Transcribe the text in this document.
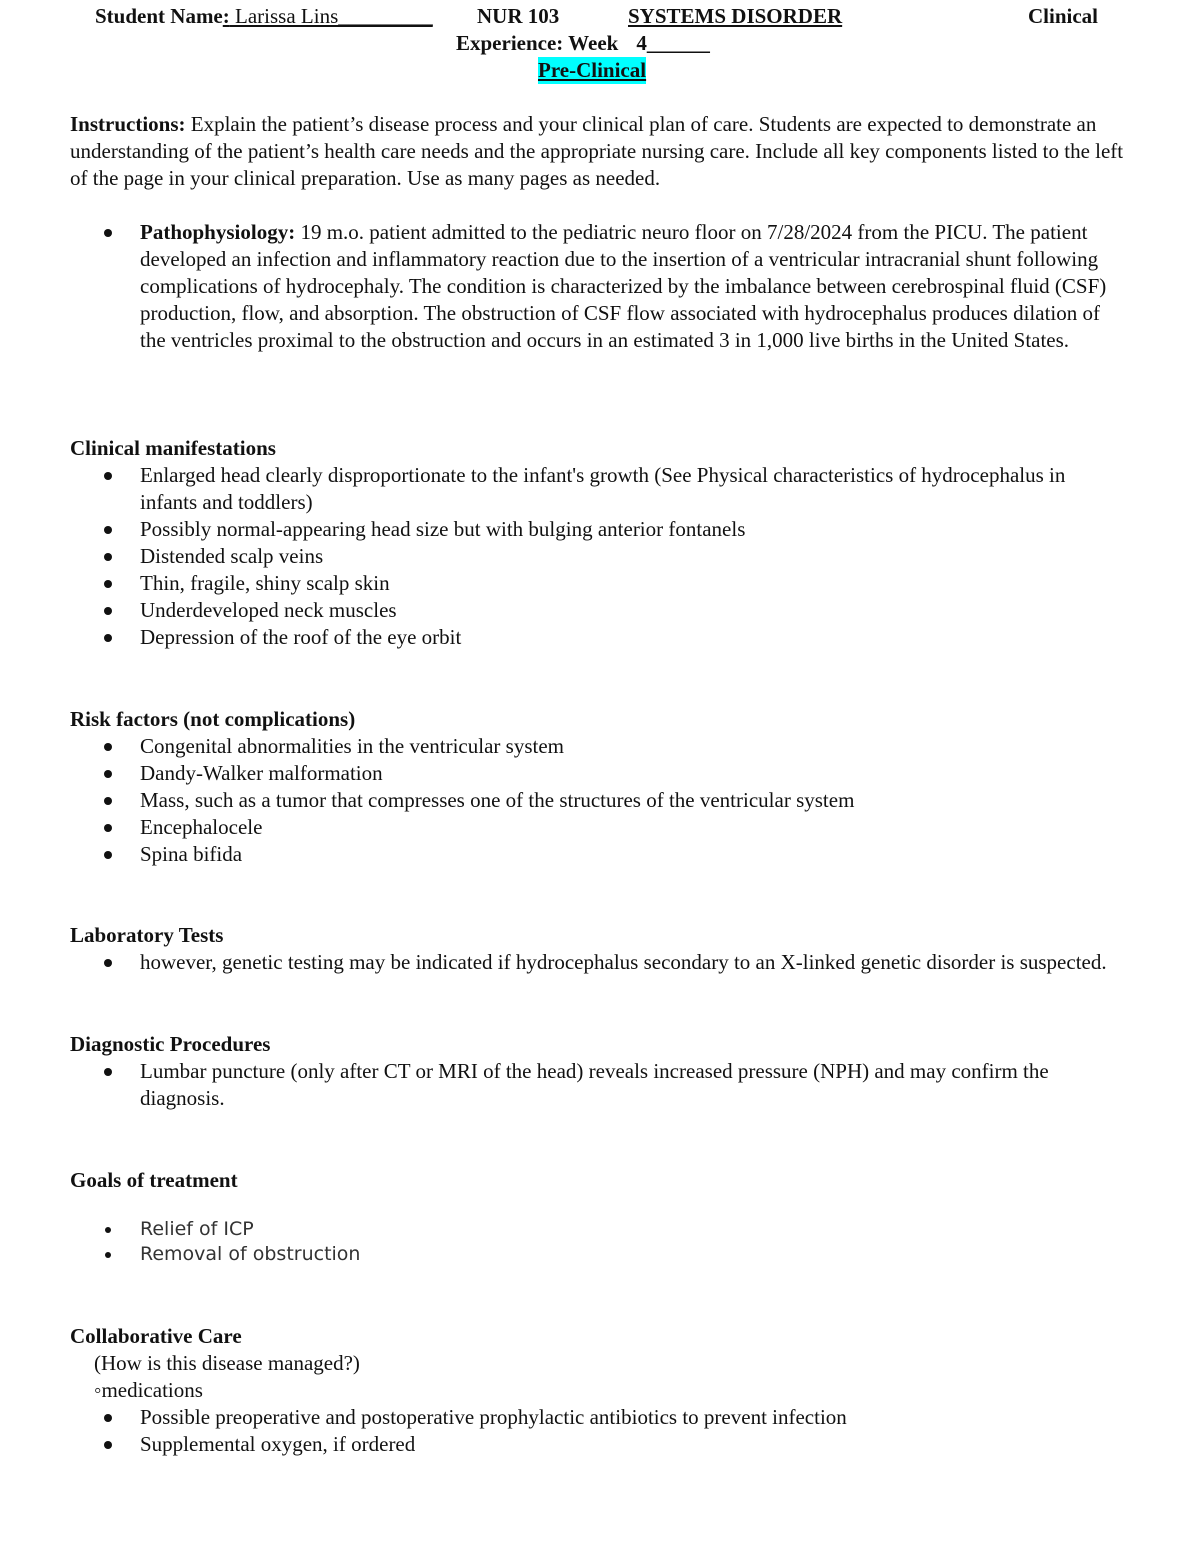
Student Name: Larissa Lins_________ NUR 103	SYSTEMS DISORDER	Clinical
Experience: Week 4______
Pre-Clinical
Instructions: Explain the patient’s disease process and your clinical plan of care. Students are expected to demonstrate an understanding of the patient’s health care needs and the appropriate nursing care. Include all key components listed to the left of the page in your clinical preparation. Use as many pages as needed.
Pathophysiology: 19 m.o. patient admitted to the pediatric neuro floor on 7/28/2024 from the PICU. The patient developed an infection and inflammatory reaction due to the insertion of a ventricular intracranial shunt following complications of hydrocephaly. The condition is characterized by the imbalance between cerebrospinal fluid (CSF) production, flow, and absorption. The obstruction of CSF flow associated with hydrocephalus produces dilation of the ventricles proximal to the obstruction and occurs in an estimated 3 in 1,000 live births in the United States.
Clinical manifestations
Enlarged head clearly disproportionate to the infant's growth (See Physical characteristics of hydrocephalus in infants and toddlers)
Possibly normal-appearing head size but with bulging anterior fontanels
Distended scalp veins
Thin, fragile, shiny scalp skin
Underdeveloped neck muscles
Depression of the roof of the eye orbit
Risk factors (not complications)
Congenital abnormalities in the ventricular system
Dandy-Walker malformation
Mass, such as a tumor that compresses one of the structures of the ventricular system
Encephalocele
Spina bifida
Laboratory Tests
however, genetic testing may be indicated if hydrocephalus secondary to an X-linked genetic disorder is suspected.
Diagnostic Procedures
Lumbar puncture (only after CT or MRI of the head) reveals increased pressure (NPH) and may confirm the diagnosis.
Goals of treatment
Relief of ICP
Removal of obstruction
Collaborative Care
(How is this disease managed?)
◦medications
Possible preoperative and postoperative prophylactic antibiotics to prevent infection
Supplemental oxygen, if ordered
